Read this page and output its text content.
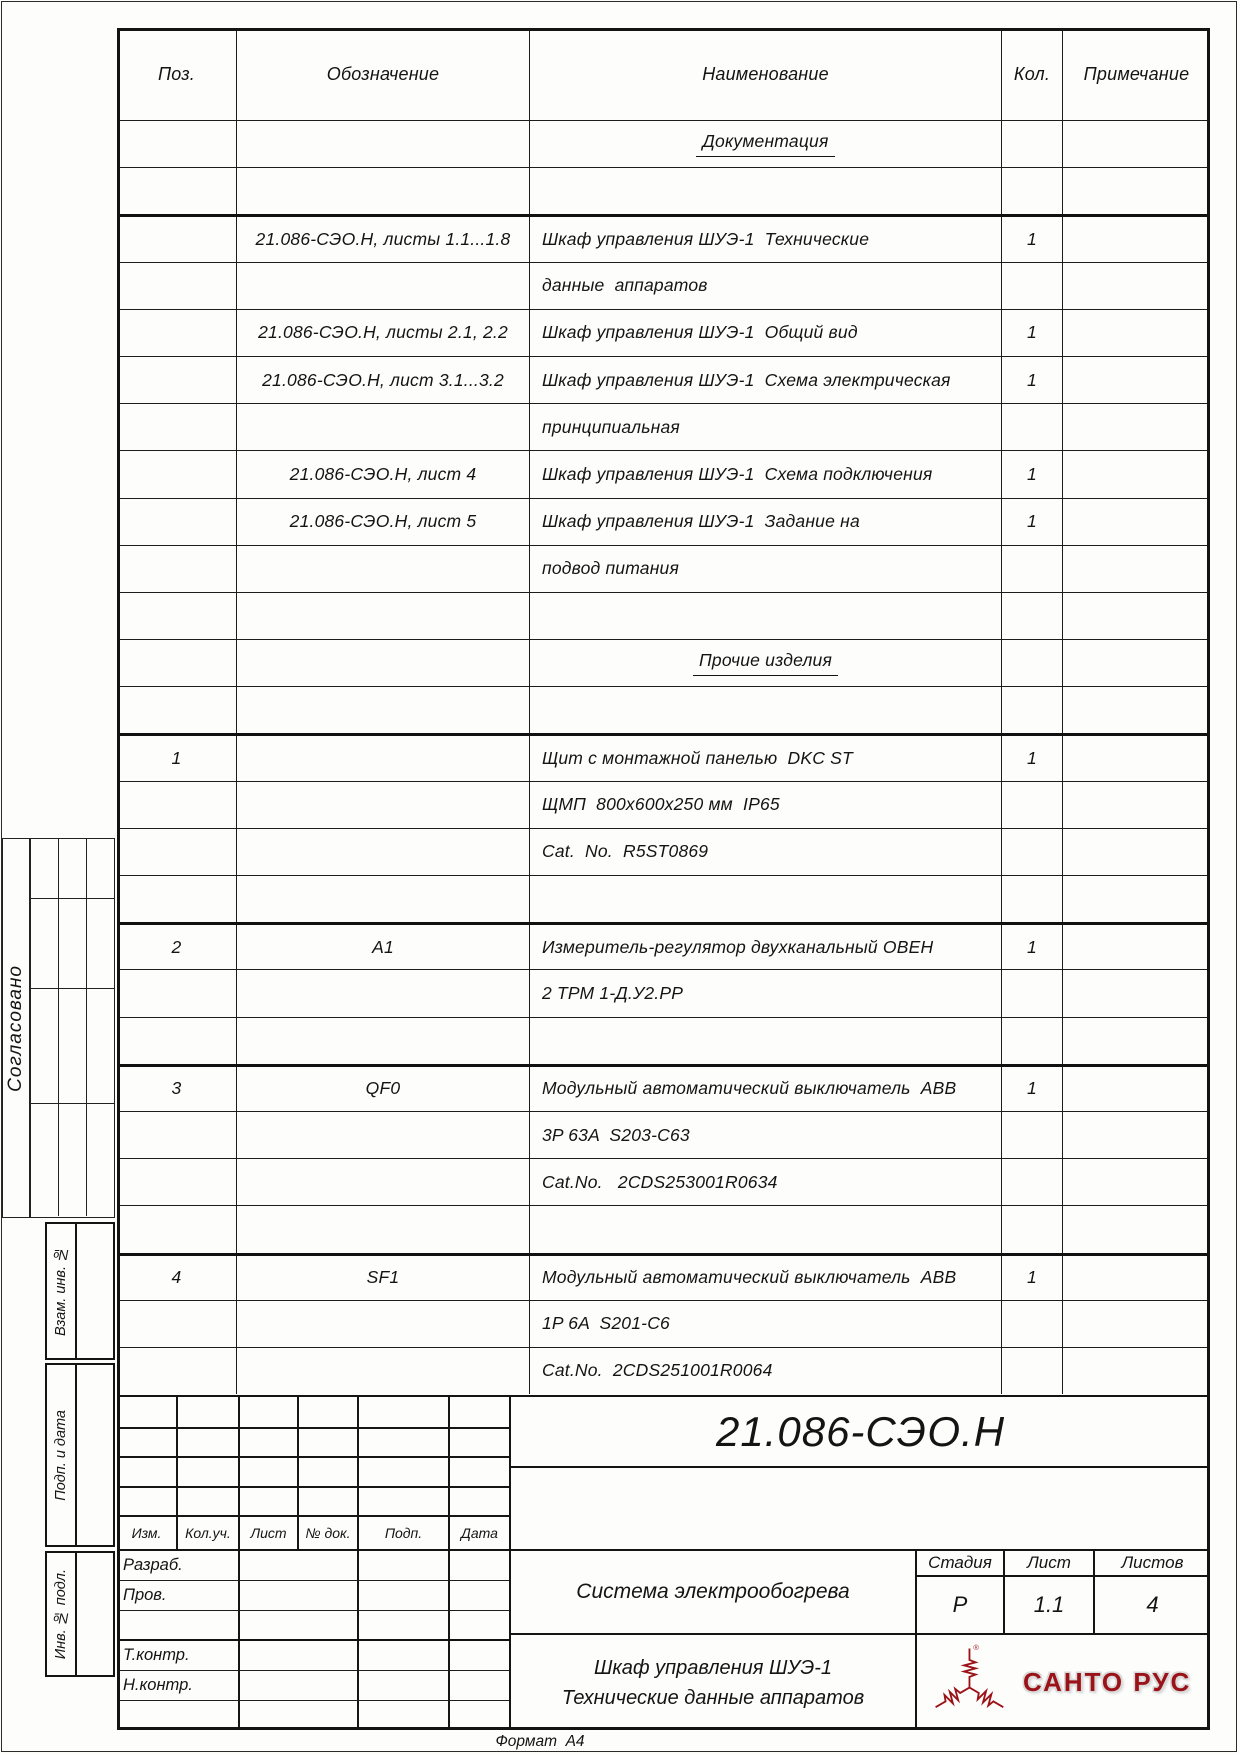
Согласовано
Взам. инв. №
Подп. и дата
Инв. № подл.
Поз.	Обозначение	Наименование	Кол.	Примечание
Документация
21.086-СЭО.Н, листы 1.1...1.8	Шкаф управления ШУЭ-1  Технические	1
данные  аппаратов
21.086-СЭО.Н, листы 2.1, 2.2	Шкаф управления ШУЭ-1  Общий вид	1
21.086-СЭО.Н, лист 3.1...3.2	Шкаф управления ШУЭ-1  Схема электрическая	1
принципиальная
21.086-СЭО.Н, лист 4	Шкаф управления ШУЭ-1  Схема подключения	1
21.086-СЭО.Н, лист 5	Шкаф управления ШУЭ-1  Задание на	1
подвод питания
Прочие изделия
1	Щит с монтажной панелью  DKC ST	1
ЩМП  800x600x250 мм  IP65
Cat.  No.  R5ST0869
2	А1	Измеритель-регулятор двухканальный ОВЕН	1
2 ТРМ 1-Д.У2.РР
3	QF0	Модульный автоматический выключатель  АВВ	1
3P 63A  S203-C63
Cat.No.   2CDS253001R0634
4	SF1	Модульный автоматический выключатель  АВВ	1
1P 6A  S201-C6
Cat.No.  2CDS251001R0064
21.086-СЭО.Н
Система электрообогрева
Стадия	Лист	Листов
Р	1.1	4
Шкаф управления ШУЭ-1
Технические данные аппаратов
®
САНТО РУС
Изм.	Кол.уч.	Лист	№ док.	Подп.	Дата
Разраб.
Пров.
Т.контр.
Н.контр.
Формат  А4
